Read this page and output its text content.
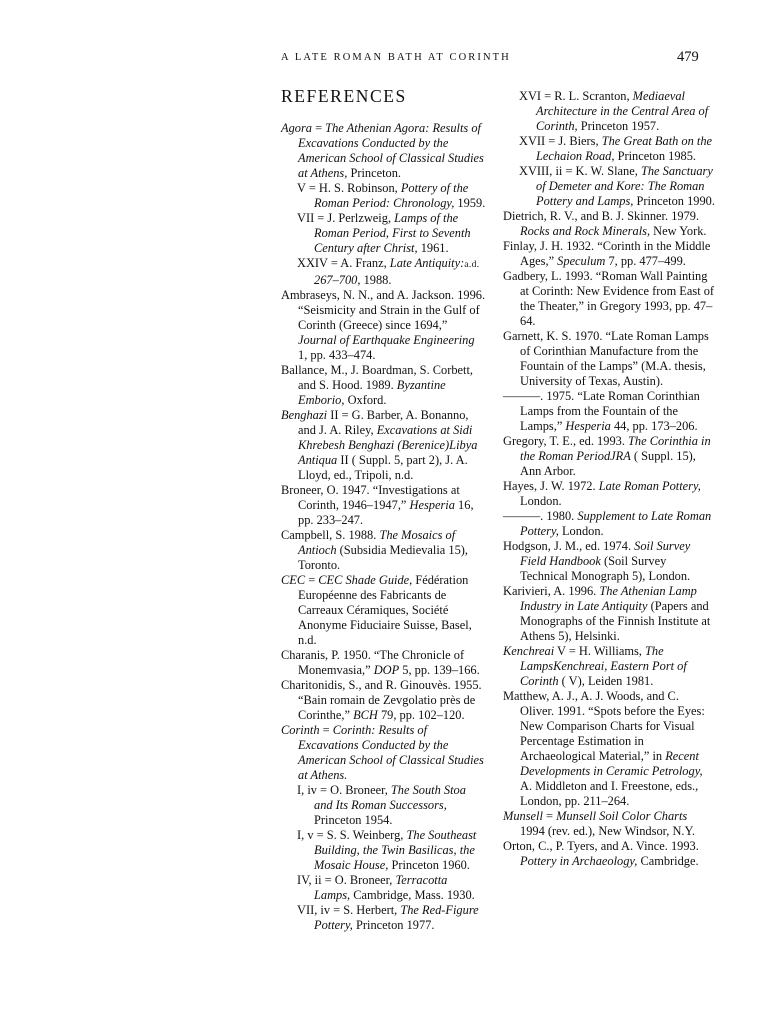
A LATE ROMAN BATH AT CORINTH	479
REFERENCES
Agora = The Athenian Agora: Results of Excavations Conducted by the American School of Classical Studies at Athens, Princeton.
V = H. S. Robinson, Pottery of the Roman Period: Chronology, 1959.
VII = J. Perlzweig, Lamps of the Roman Period, First to Seventh Century after Christ, 1961.
XXIV = A. Franz, Late Antiquity:a.d. 267–700, 1988.
Ambraseys, N. N., and A. Jackson. 1996. “Seismicity and Strain in the Gulf of Corinth (Greece) since 1694,” Journal of Earthquake Engineering 1, pp. 433–474.
Ballance, M., J. Boardman, S. Corbett, and S. Hood. 1989. Byzantine Emborio, Oxford.
Benghazi II = G. Barber, A. Bonanno, and J. A. Riley, Excavations at Sidi Khrebesh Benghazi (Berenice)Libya Antiqua II ( Suppl. 5, part 2), J. A. Lloyd, ed., Tripoli, n.d.
Broneer, O. 1947. “Investigations at Corinth, 1946–1947,” Hesperia 16, pp. 233–247.
Campbell, S. 1988. The Mosaics of Antioch (Subsidia Medievalia 15), Toronto.
CEC = CEC Shade Guide, Fédération Européenne des Fabricants de Carreaux Céramiques, Société Anonyme Fiduciaire Suisse, Basel, n.d.
Charanis, P. 1950. “The Chronicle of Monemvasia,” DOP 5, pp. 139–166.
Charitonidis, S., and R. Ginouvès. 1955. “Bain romain de Zevgolatio près de Corinthe,” BCH 79, pp. 102–120.
Corinth = Corinth: Results of Excavations Conducted by the American School of Classical Studies at Athens.
I, iv = O. Broneer, The South Stoa and Its Roman Successors, Princeton 1954.
I, v = S. S. Weinberg, The Southeast Building, the Twin Basilicas, the Mosaic House, Princeton 1960.
IV, ii = O. Broneer, Terracotta Lamps, Cambridge, Mass. 1930.
VII, iv = S. Herbert, The Red-Figure Pottery, Princeton 1977.
XVI = R. L. Scranton, Mediaeval Architecture in the Central Area of Corinth, Princeton 1957.
XVII = J. Biers, The Great Bath on the Lechaion Road, Princeton 1985.
XVIII, ii = K. W. Slane, The Sanctuary of Demeter and Kore: The Roman Pottery and Lamps, Princeton 1990.
Dietrich, R. V., and B. J. Skinner. 1979. Rocks and Rock Minerals, New York.
Finlay, J. H. 1932. “Corinth in the Middle Ages,” Speculum 7, pp. 477–499.
Gadbery, L. 1993. “Roman Wall Painting at Corinth: New Evidence from East of the Theater,” in Gregory 1993, pp. 47–64.
Garnett, K. S. 1970. “Late Roman Lamps of Corinthian Manufacture from the Fountain of the Lamps” (M.A. thesis, University of Texas, Austin).
———. 1975. “Late Roman Corinthian Lamps from the Fountain of the Lamps,” Hesperia 44, pp. 173–206.
Gregory, T. E., ed. 1993. The Corinthia in the Roman PeriodJRA ( Suppl. 15), Ann Arbor.
Hayes, J. W. 1972. Late Roman Pottery, London.
———. 1980. Supplement to Late Roman Pottery, London.
Hodgson, J. M., ed. 1974. Soil Survey Field Handbook (Soil Survey Technical Monograph 5), London.
Karivieri, A. 1996. The Athenian Lamp Industry in Late Antiquity (Papers and Monographs of the Finnish Institute at Athens 5), Helsinki.
Kenchreai V = H. Williams, The LampsKenchreai, Eastern Port of Corinth ( V), Leiden 1981.
Matthew, A. J., A. J. Woods, and C. Oliver. 1991. “Spots before the Eyes: New Comparison Charts for Visual Percentage Estimation in Archaeological Material,” in Recent Developments in Ceramic Petrology, A. Middleton and I. Freestone, eds., London, pp. 211–264.
Munsell = Munsell Soil Color Charts 1994 (rev. ed.), New Windsor, N.Y.
Orton, C., P. Tyers, and A. Vince. 1993. Pottery in Archaeology, Cambridge.
